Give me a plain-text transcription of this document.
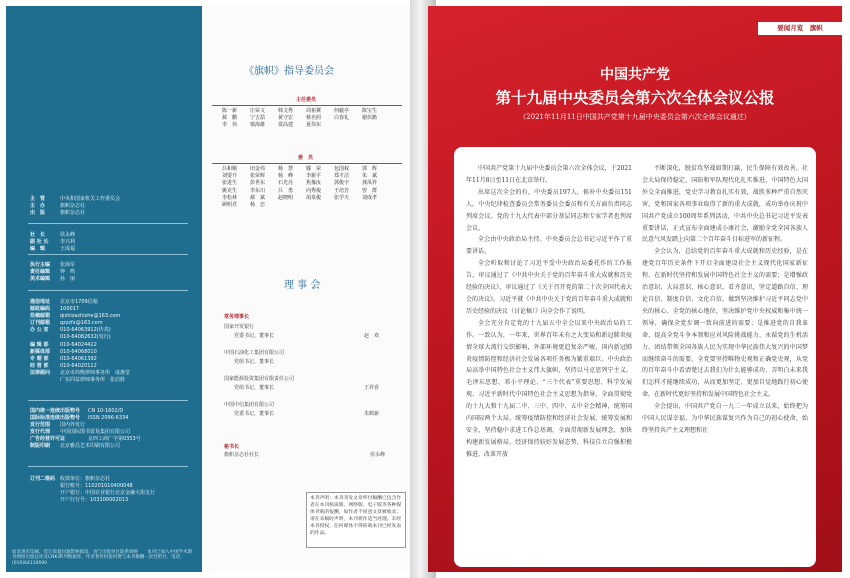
主　管	中央和国家机关工作委员会
主　办	旗帜杂志社
出　版	旗帜杂志社
社　长	侯永峰
副 社 长 李兴利
编　辑	王成福
执行主编 张海军
责任编辑 钟　鸣
美术编辑 孙　丽
通信地址 北京市1709信箱
邮政编码 100017
投稿邮箱 qizhizazhishe@163.com
订刊邮箱 qzzzfx@163.com
办 公 室 010-64063912(传真)
010-64082632(发行)
编 辑 部 010-64024422
新媒体部 010-64068010
专 题 部 010-64061392
经 营 部 010-64020112
法律顾问 北京市炜衡律师事务所　成惠堂
广东同益律师事务所　张启胜
国内统一连续出版物号 CN 10-1602/D
国际标准连续出版物号 ISSN 2096-6334
发行范围 国内外发行
发行代理 中国国际图书贸易集团有限公司
广告经营许可证	京西工商广字第0353号
制版印刷 北京雅昌艺术印刷有限公司
订刊二维码 收款单位：旗帜杂志社
银行账号：110201010400048
开户银行：中国农业银行北京金融大街支行
开户行行号：103100002013
如发现有印刷、装订质量问题影响阅读，请与出版单位联系调换　　本刊已加入中国学术期刊网络出版总库及CNKI系列数据库，作者著作权使用费与本刊稿酬一次性给付。电话：(010)64110690
《旗帜》指导委员会
主任委员
陈一新	庄荣文	韩文秀	周祖翼	何毅亭	陈宝生
郝　鹏	宁吉喆	黄守宏	蔡名照	白春礼	谢伏瞻
李　伟	慎海雄	贾高建	夏伟东
委　员
吕和顺	田金伟	杨　慧	滕　荣	包国权	郭　辉
刘要升	张荣辉	杨　峰	李新平	郑才洁	朱　斌
张进生	彭世东	石光亮	焦豫汝	郭俊宇	龚凤祥
姚克生	李东川	吕　勇	向秀俊	王培芳	曾　群
李松林	郝　斌	赵晓明	胡泉俊	张学天	刘成孝
顾明君	杨　忠
理 事 会
常务理事长
国家开发银行
党委书记、董事长	赵　欢
中国石油化工集团有限公司
党组书记、董事长
国家能源投资集团有限责任公司
党组书记、董事长	王祥喜
中国中信集团有限公司
党委书记、董事长	朱鹤新
秘书长
旗帜杂志社社长	侯永峰
本刊声明：本刊刊发文章所付稿酬已包含作者在本刊纸质版、网络版、电子版等各种媒体刊载的报酬，如作者不同意文章被收录，请在来稿时声明，本刊将作适当处理。未经本刊授权，任何媒体不得转载本刊已经发表的作品。
要闻月览　旗帜
中国共产党
第十九届中央委员会第六次全体会议公报
（2021年11月11日中国共产党第十九届中央委员会第六次全体会议通过）

中国共产党第十九届中央委员会第六次全体会议，于2021年11月8日至11日在北京举行。

出席这次全会的有，中央委员197人，候补中央委员151人。中央纪律检查委员会常务委员会委员和有关方面负责同志列席会议。党的十九大代表中部分基层同志和专家学者也列席会议。

全会由中央政治局主持。中央委员会总书记习近平作了重要讲话。

全会听取和讨论了习近平受中央政治局委托作的工作报告，审议通过了《中共中央关于党的百年奋斗重大成就和历史经验的决议》，审议通过了《关于召开党的第二十次全国代表大会的决议》。习近平就《中共中央关于党的百年奋斗重大成就和历史经验的决议（讨论稿）》向全会作了说明。

全会充分肯定党的十九届五中全会以来中央政治局的工作。一致认为，一年来，世界百年未有之大变局和新冠肺炎疫情全球大流行交织影响，外部环境更趋复杂严峻，国内新冠肺炎疫情防控和经济社会发展各项任务极为繁重艰巨。中央政治局高举中国特色社会主义伟大旗帜，坚持以马克思列宁主义、毛泽东思想、邓小平理论、“三个代表”重要思想、科学发展观、习近平新时代中国特色社会主义思想为指导，全面贯彻党的十九大和十九届二中、三中、四中、五中全会精神，统筹国内国际两个大局，统筹疫情防控和经济社会发展，统筹发展和安全，坚持稳中求进工作总基调，全面贯彻新发展理念，加快构建新发展格局，经济保持较好发展态势，科技自立自强积极推进，改革开放

不断深化，脱贫攻坚战如期打赢，民生保障有效改善，社会大局保持稳定，国防和军队现代化扎实推进，中国特色大国外交全面推进，党史学习教育扎实有效，战胜多种严重自然灾害，党和国家各项事业取得了新的重大成就，成功举办庆祝中国共产党成立100周年系列活动，中共中央总书记习近平发表重要讲话，正式宣布全面建成小康社会，激励全党全国各族人民意气风发踏上向第二个百年奋斗目标进军的新征程。

全会认为，总结党的百年奋斗重大成就和历史经验，是在建党百年历史条件下开启全面建设社会主义现代化国家新征程、在新时代坚持和发展中国特色社会主义的需要；是增强政治意识、大局意识、核心意识、看齐意识，坚定道路自信、理论自信、制度自信、文化自信，做到坚决维护习近平同志党中央的核心、全党的核心地位，坚决维护党中央权威和集中统一领导，确保全党步调一致向前进的需要；是推进党的自我革命、提高全党斗争本领和应对风险挑战能力、永葆党的生机活力、团结带领全国各族人民为实现中华民族伟大复兴的中国梦而继续奋斗的需要。全党要坚持唯物史观和正确党史观，从党的百年奋斗中看清楚过去我们为什么能够成功、弄明白未来我们怎样才能继续成功，从而更加坚定、更加自觉地践行初心使命，在新时代更好坚持和发展中国特色社会主义。

全会提出，中国共产党自一九二一年成立以来，始终把为中国人民谋幸福、为中华民族谋复兴作为自己的初心使命，始终坚持共产主义理想和社
